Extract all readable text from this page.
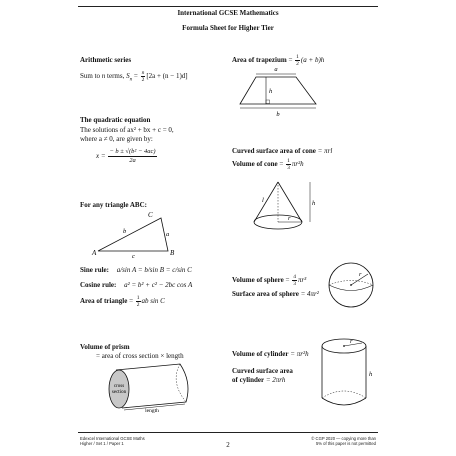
International GCSE Mathematics
Formula Sheet for Higher Tier
Arithmetic series
Sum to n terms, $S_n = \frac{n}{2} [2a + (n - 1)d]$
The quadratic equation
The solutions of ax² + bx + c = 0,
where a ≠ 0, are given by:
$x = \frac{\text{− b ± √(b² − 4ac)}}{2a}$
For any triangle ABC:
A	B
C
a
b
c
Sine rule: a/sin A = b/sin B = c/sin C
Cosine rule: a² = b² + c² − 2bc cos A
Area of triangle = $\frac{1}{2}$ ab sin C
Volume of prism
= area of cross section × length
cross
section
length
Area of trapezium = $\frac{1}{2} (a + b)h$
a
h
b
Curved surface area of cone = πrl
Volume of cone = $\frac{1}{3} \pi r^2h$
l	h
r
Volume of sphere = $\frac{4}{3} \pi r^3$
Surface area of sphere = 4πr²
r
Volume of cylinder = πr²h
Curved surface area
of cylinder = 2πrh
r
h
Edexcel International GCSE Maths
Higher / Set 1 / Paper 1	2
© CGP 2020 — copying more than
5% of this paper is not permitted
